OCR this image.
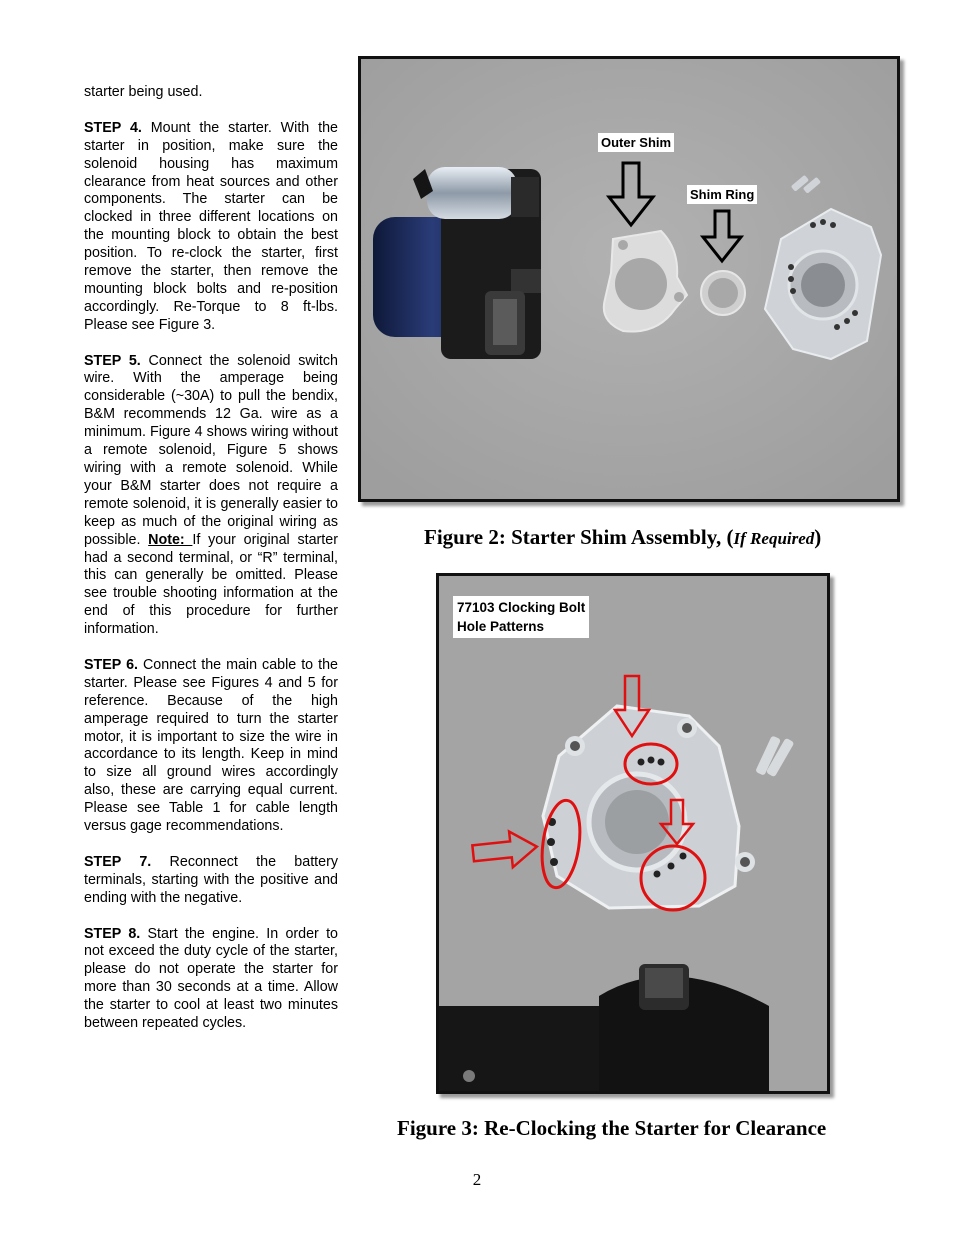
starter being used.

STEP 4. Mount the starter. With the starter in position, make sure the solenoid housing has maximum clearance from heat sources and other components. The starter can be clocked in three different locations on the mounting block to obtain the best position. To re-clock the starter, first remove the starter, then remove the mounting block bolts and re-position accordingly. Re-Torque to 8 ft-lbs. Please see Figure 3.

STEP 5. Connect the solenoid switch wire. With the amperage being considerable (~30A) to pull the bendix, B&M recommends 12 Ga. wire as a minimum. Figure 4 shows wiring without a remote solenoid, Figure 5 shows wiring with a remote solenoid. While your B&M starter does not require a remote solenoid, it is generally easier to keep as much of the original wiring as possible. Note: If your original starter had a second terminal, or “R” terminal, this can generally be omitted. Please see trouble shooting information at the end of this procedure for further information.

STEP 6. Connect the main cable to the starter. Please see Figures 4 and 5 for reference. Because of the high amperage required to turn the starter motor, it is important to size the wire in accordance to its length. Keep in mind to size all ground wires accordingly also, these are carrying equal current. Please see Table 1 for cable length versus gage recommendations.

STEP 7. Reconnect the battery terminals, starting with the positive and ending with the negative.

STEP 8. Start the engine. In order to not exceed the duty cycle of the starter, please do not operate the starter for more than 30 seconds at a time. Allow the starter to cool at least two minutes between repeated cycles.

Outer Shim
Shim Ring
Figure 2: Starter Shim Assembly, (If Required)
77103 Clocking Bolt
Hole Patterns
Figure 3: Re-Clocking the Starter for Clearance
2
